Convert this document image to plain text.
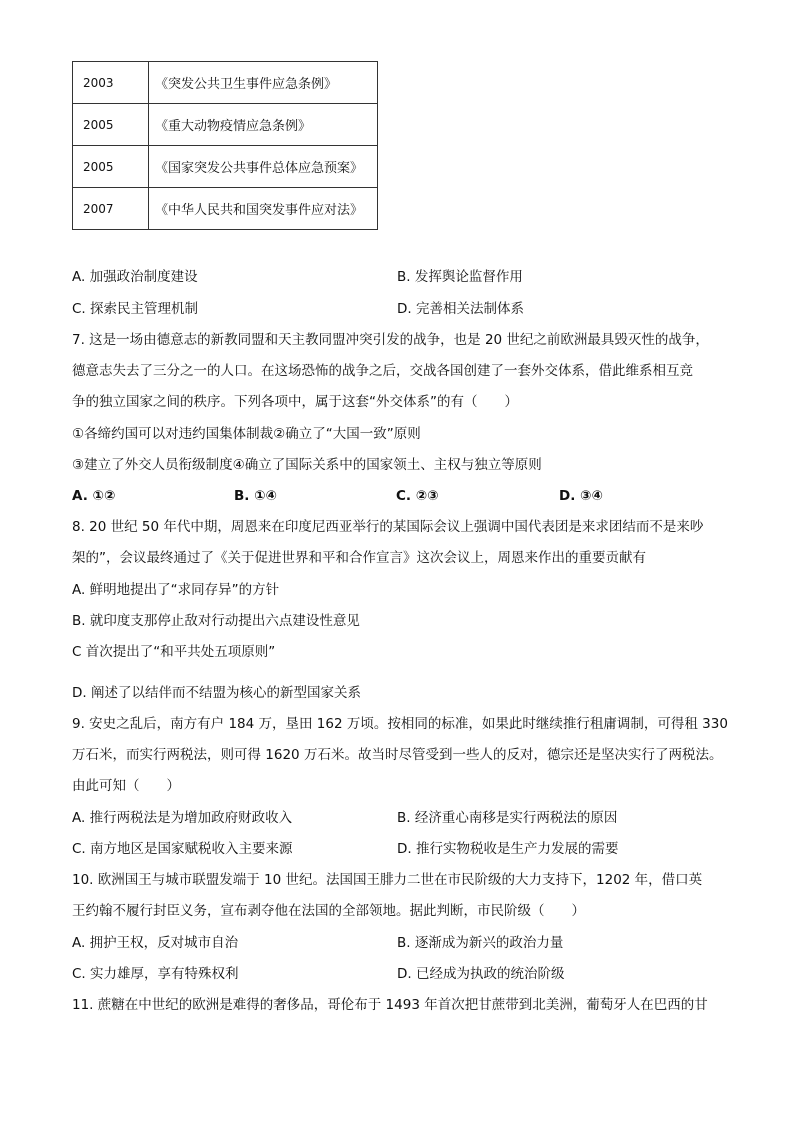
2003	《突发公共卫生事件应急条例》
2005	《重大动物疫情应急条例》
2005	《国家突发公共事件总体应急预案》
2007	《中华人民共和国突发事件应对法》
A. 加强政治制度建设	B. 发挥舆论监督作用
C. 探索民主管理机制	D. 完善相关法制体系
7. 这是一场由德意志的新教同盟和天主教同盟冲突引发的战争，也是 20 世纪之前欧洲最具毁灭性的战争，
德意志失去了三分之一的人口。在这场恐怖的战争之后，交战各国创建了一套外交体系，借此维系相互竞
争的独立国家之间的秩序。下列各项中，属于这套“外交体系”的有（　　）
①各缔约国可以对违约国集体制裁②确立了“大国一致”原则
③建立了外交人员衔级制度④确立了国际关系中的国家领土、主权与独立等原则
A. ①②	B. ①④	C. ②③	D. ③④
8. 20 世纪 50 年代中期，周恩来在印度尼西亚举行的某国际会议上强调中国代表团是来求团结而不是来吵
架的”，会议最终通过了《关于促进世界和平和合作宣言》这次会议上，周恩来作出的重要贡献有
A. 鲜明地提出了“求同存异”的方针
B. 就印度支那停止敌对行动提出六点建设性意见
C 首次提出了“和平共处五项原则”
D. 阐述了以结伴而不结盟为核心的新型国家关系
9. 安史之乱后，南方有户 184 万，垦田 162 万顷。按相同的标准，如果此时继续推行租庸调制，可得租 330
万石米，而实行两税法，则可得 1620 万石米。故当时尽管受到一些人的反对，德宗还是坚决实行了两税法。
由此可知（　　）
A. 推行两税法是为增加政府财政收入	B. 经济重心南移是实行两税法的原因
C. 南方地区是国家赋税收入主要来源	D. 推行实物税收是生产力发展的需要
10. 欧洲国王与城市联盟发端于 10 世纪。法国国王腓力二世在市民阶级的大力支持下，1202 年，借口英
王约翰不履行封臣义务，宣布剥夺他在法国的全部领地。据此判断，市民阶级（　　）
A. 拥护王权，反对城市自治	B. 逐渐成为新兴的政治力量
C. 实力雄厚，享有特殊权利	D. 已经成为执政的统治阶级
11. 蔗糖在中世纪的欧洲是难得的奢侈品，哥伦布于 1493 年首次把甘蔗带到北美洲，葡萄牙人在巴西的甘
